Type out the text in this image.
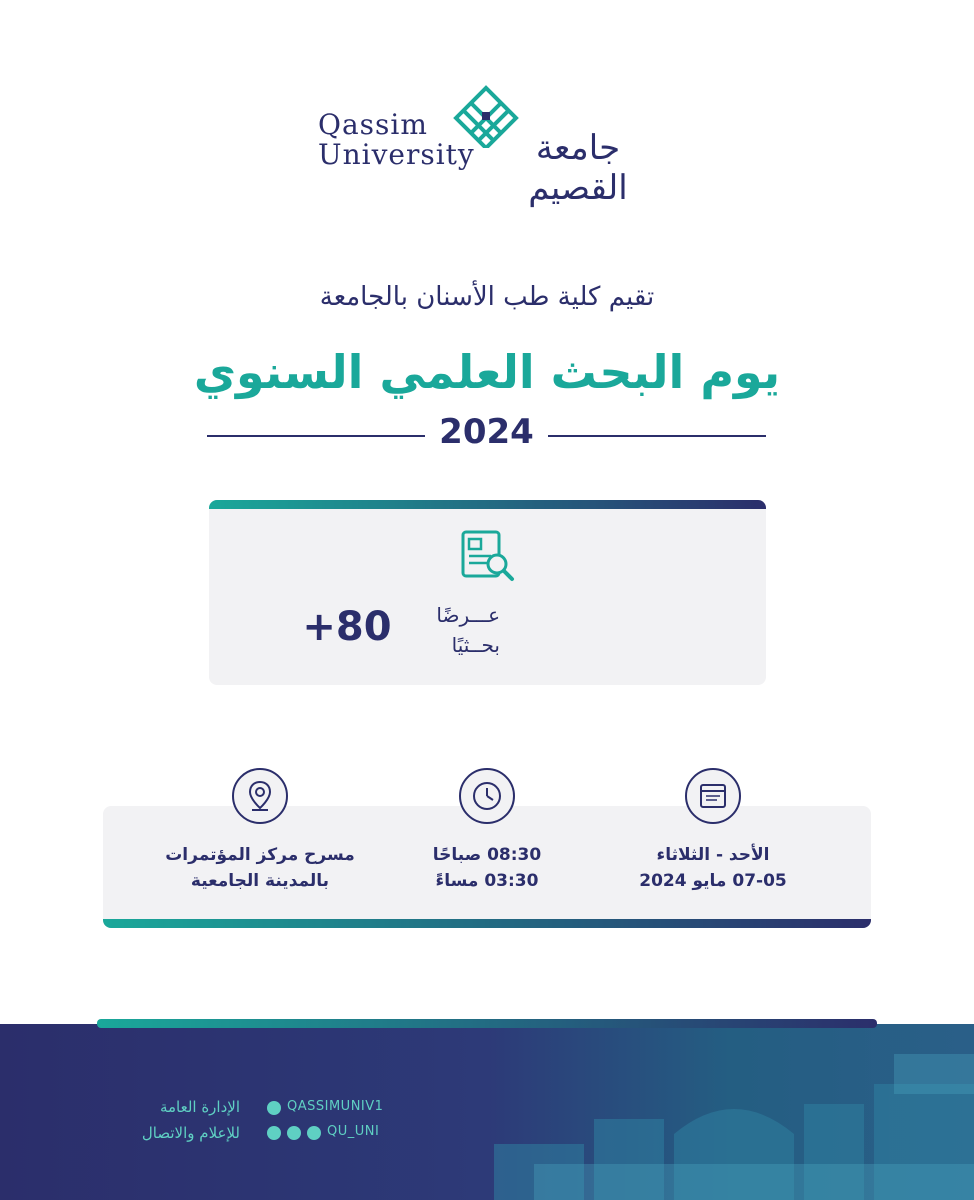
Qassim University	جامعة القصيم
تقيم كلية طب الأسنان بالجامعة
يوم البحث العلمي السنوي
2024
+80	عـــرضًا
بحــثيًا
مسرح مركز المؤتمرات
بالمدينة الجامعية
08:30 صباحًا
03:30 مساءً
الأحد - الثلاثاء
07-05 مايو 2024
الإدارة العامة
للإعلام والاتصال
QASSIMUNIV1
QU_UNI
